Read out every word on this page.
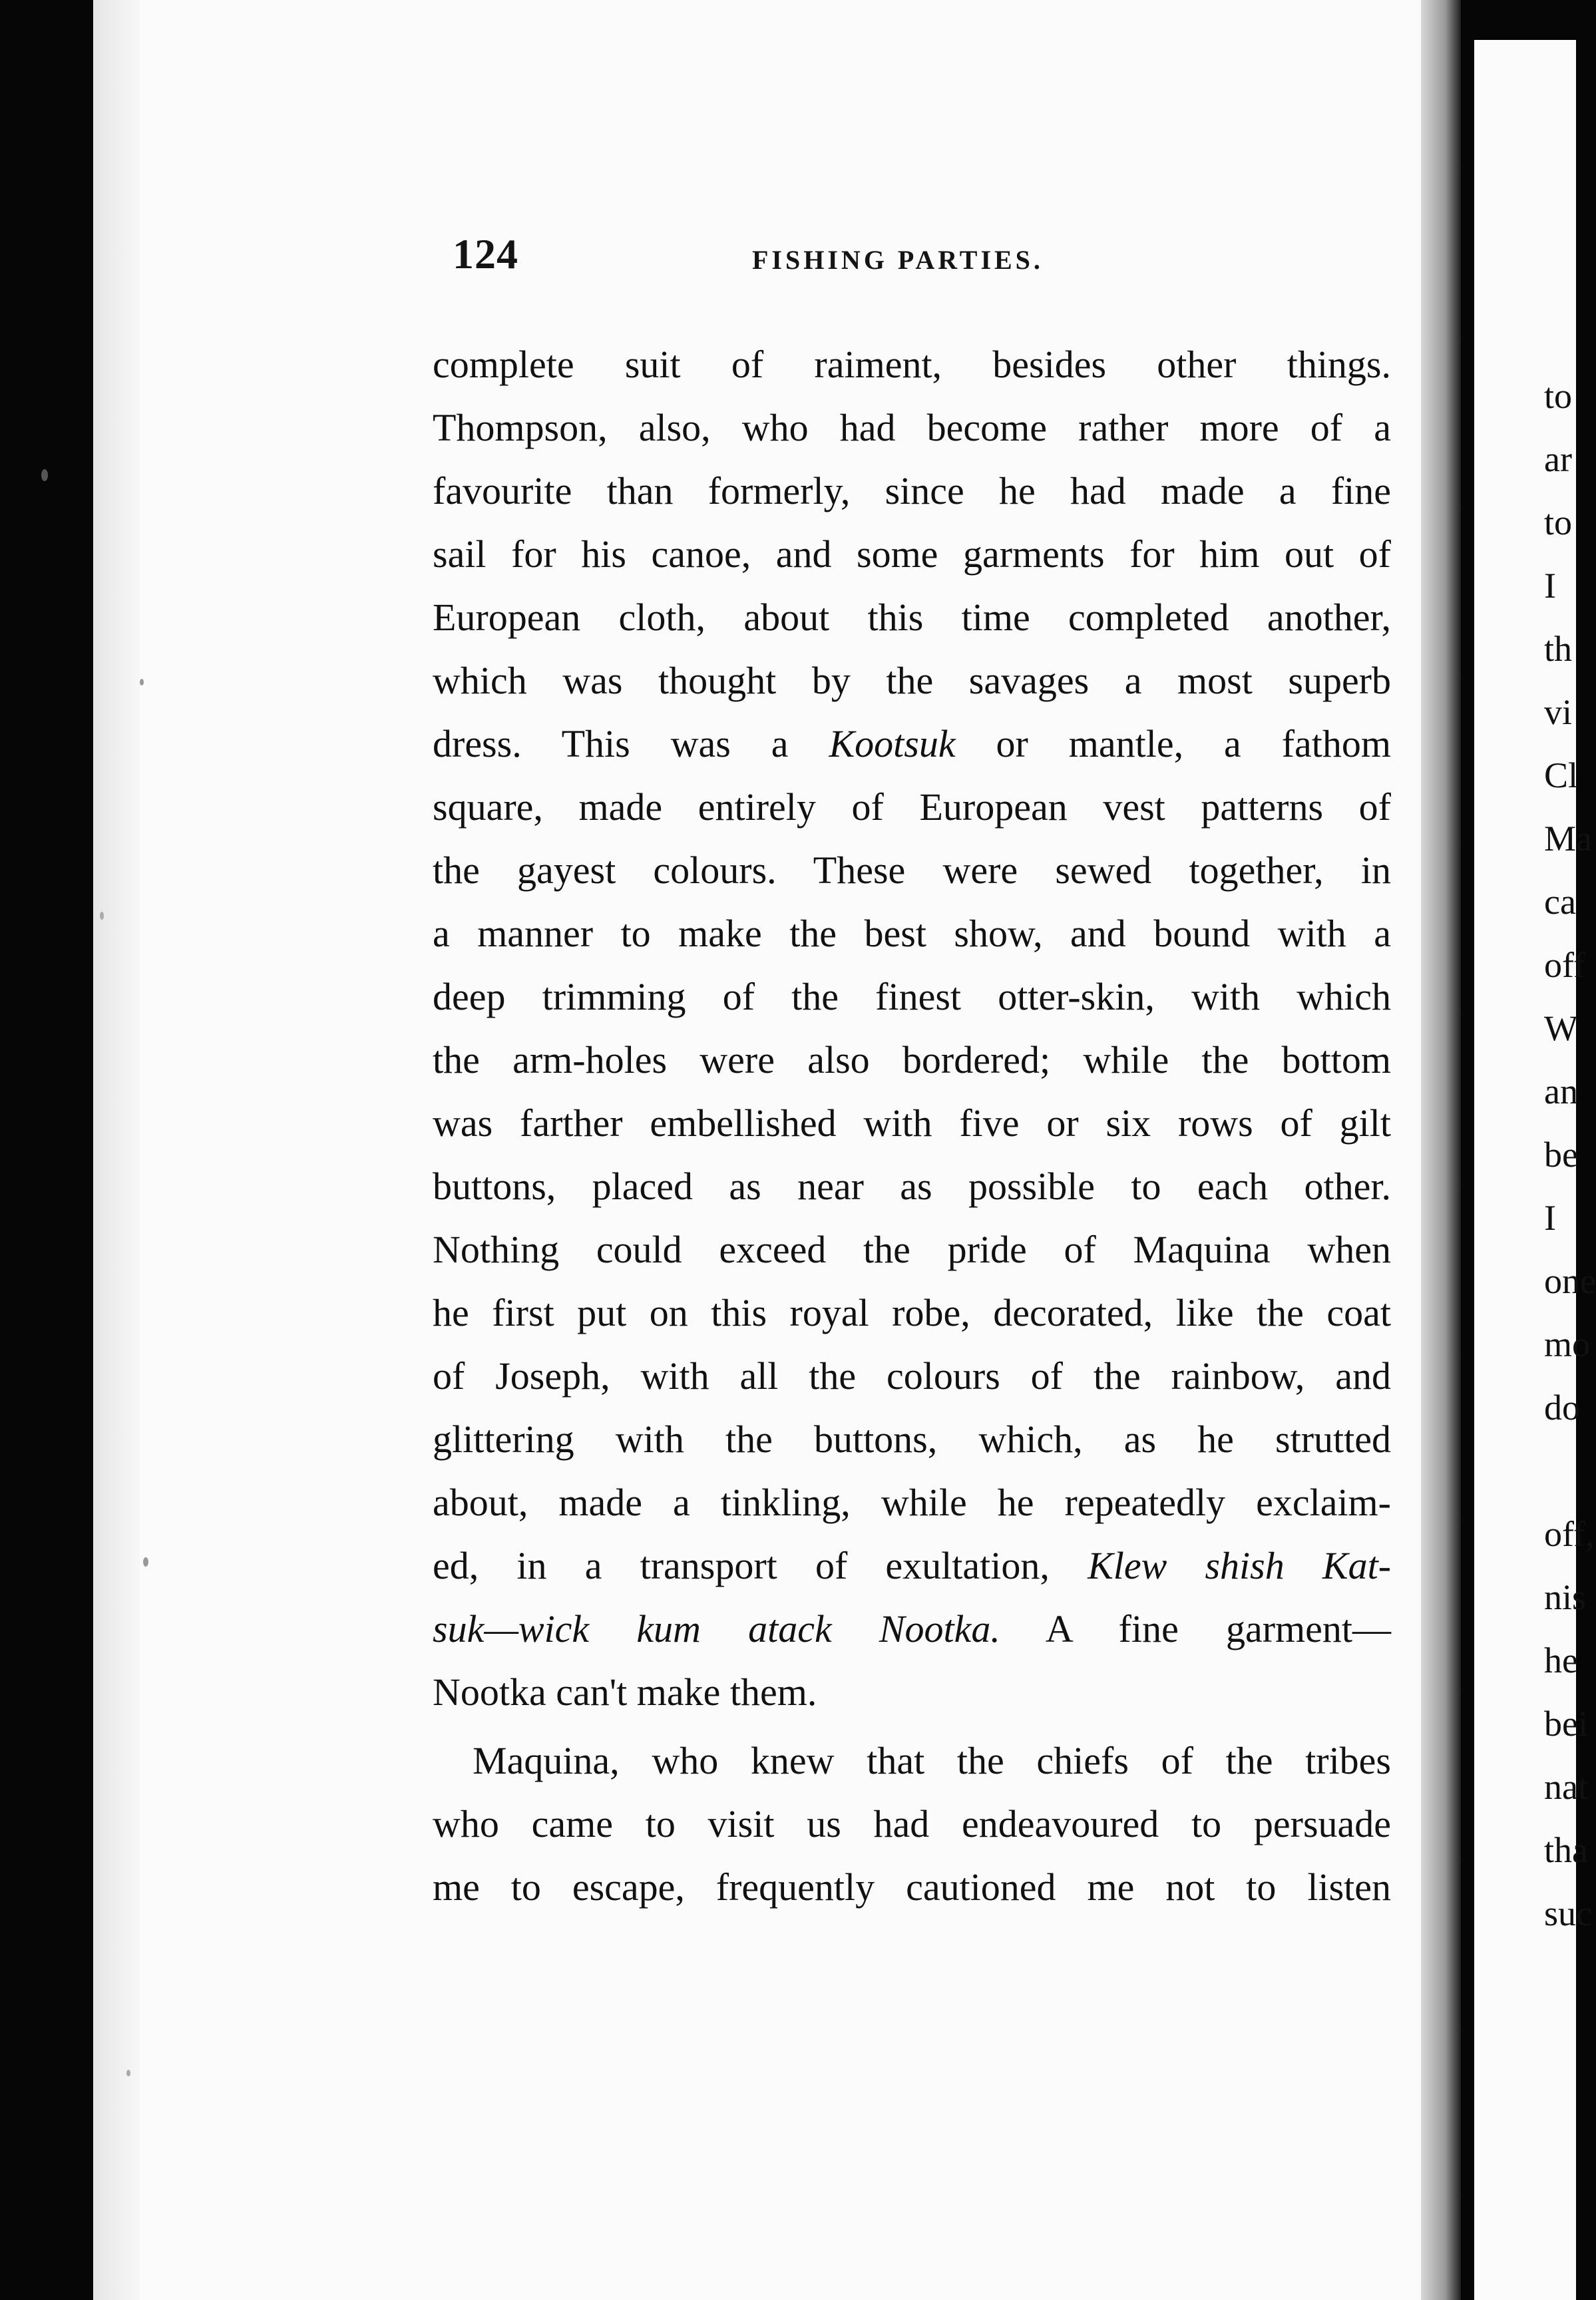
124	FISHING PARTIES.
complete suit of raiment, besides other things.
Thompson, also, who had become rather more of a
favourite than formerly, since he had made a fine
sail for his canoe, and some garments for him out of
European cloth, about this time completed another,
which was thought by the savages a most superb
dress. This was a Kootsuk or mantle, a fathom
square, made entirely of European vest patterns of
the gayest colours. These were sewed together, in
a manner to make the best show, and bound with a
deep trimming of the finest otter-skin, with which
the arm-holes were also bordered; while the bottom
was farther embellished with five or six rows of gilt
buttons, placed as near as possible to each other.
Nothing could exceed the pride of Maquina when
he first put on this royal robe, decorated, like the coat
of Joseph, with all the colours of the rainbow, and
glittering with the buttons, which, as he strutted
about, made a tinkling, while he repeatedly exclaim-
ed, in a transport of exultation, Klew shish Kat-
suk—wick kum atack Nootka. A fine garment—
Nootka can't make them.
Maquina, who knew that the chiefs of the tribes
who came to visit us had endeavoured to persuade
me to escape, frequently cautioned me not to listen
to
ar
to
I
th
vi
Cl
Ma
ca
off
W
an
be
I
one
mo
do
off,
nis
he
bei
nat
tha
suc
